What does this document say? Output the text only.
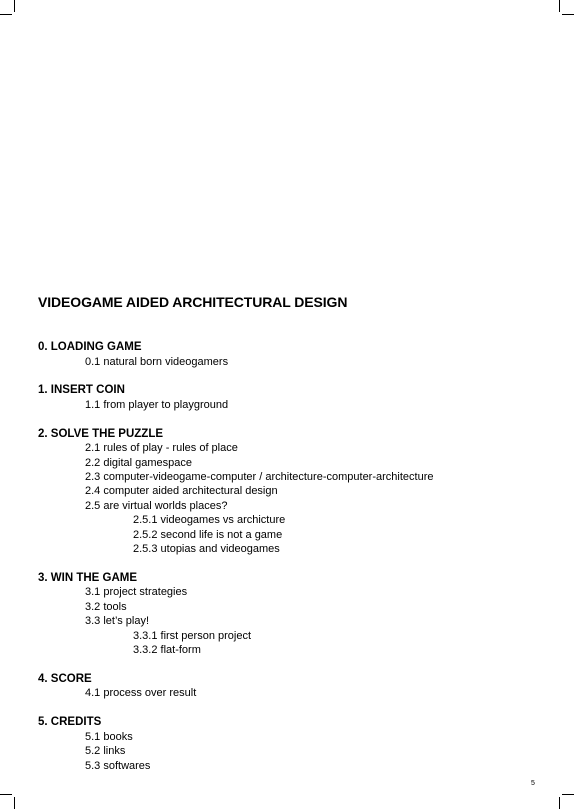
VIDEOGAME AIDED ARCHITECTURAL DESIGN
0. LOADING GAME
0.1 natural born videogamers
1. INSERT COIN
1.1 from player to playground
2. SOLVE THE PUZZLE
2.1 rules of play - rules of place
2.2 digital gamespace
2.3 computer-videogame-computer / architecture-computer-architecture
2.4 computer aided architectural design
2.5 are virtual worlds places?
2.5.1 videogames vs archicture
2.5.2 second life is not a game
2.5.3 utopias and videogames
3. WIN THE GAME
3.1 project strategies
3.2 tools
3.3 let’s play!
3.3.1 first person project
3.3.2 flat-form
4. SCORE
4.1 process over result
5. CREDITS
5.1 books
5.2 links
5.3 softwares
5
